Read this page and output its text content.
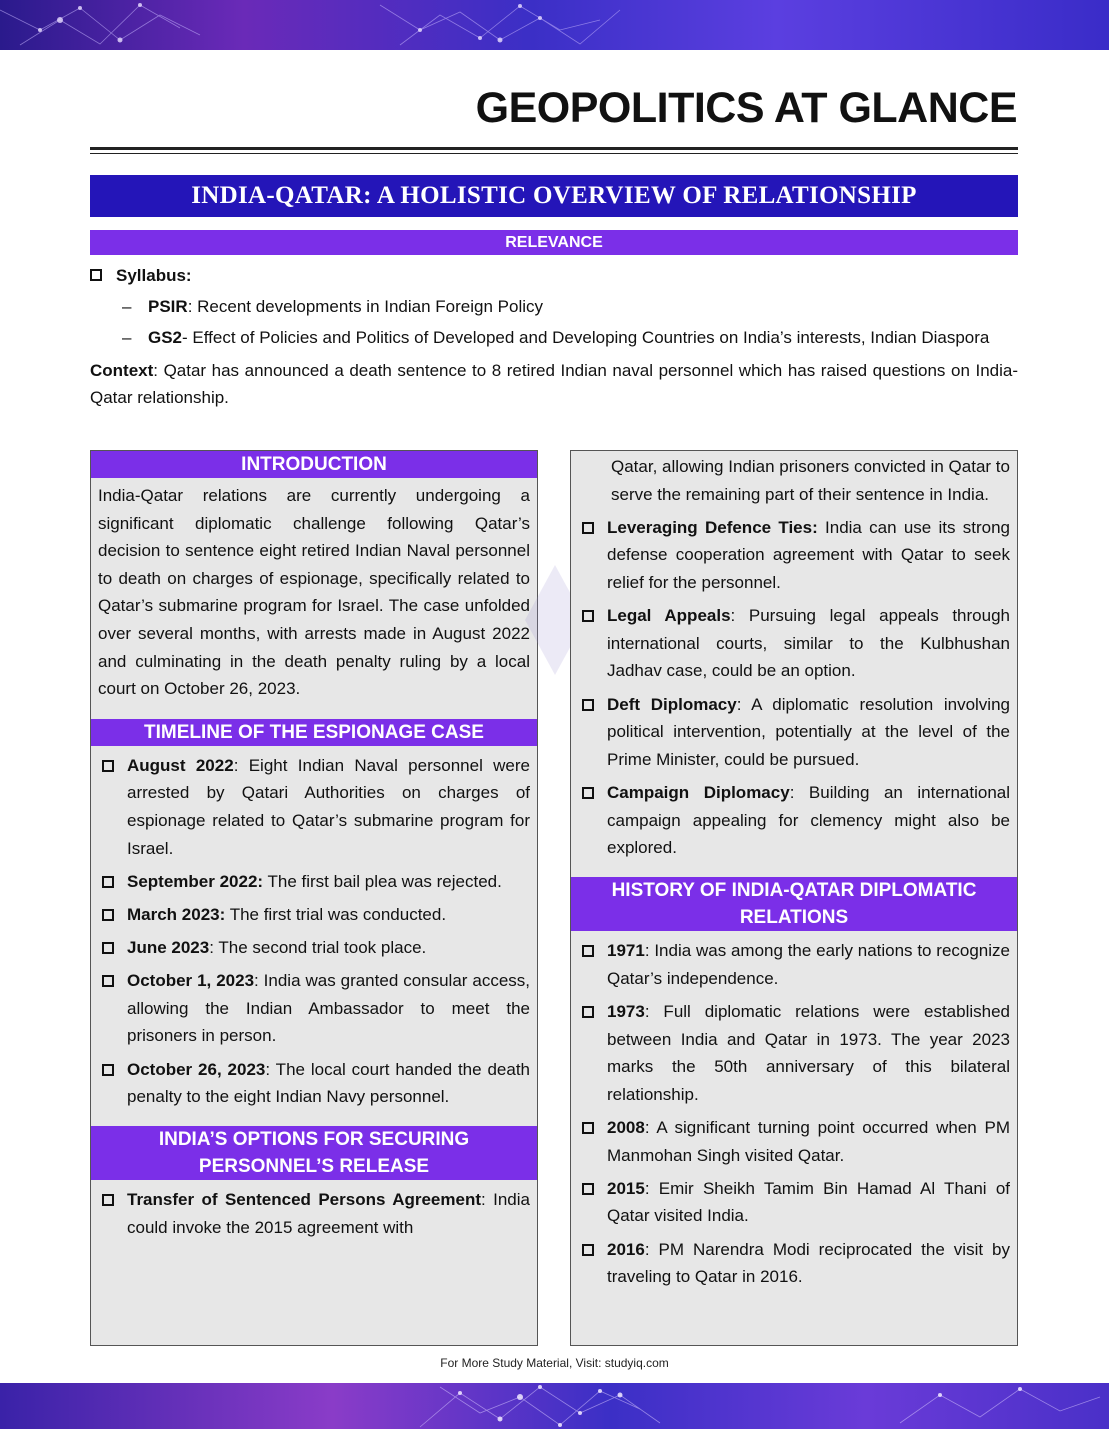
GEOPOLITICS AT GLANCE
INDIA-QATAR: A HOLISTIC OVERVIEW OF RELATIONSHIP
RELEVANCE
Syllabus:
– PSIR: Recent developments in Indian Foreign Policy
– GS2- Effect of Policies and Politics of Developed and Developing Countries on India’s interests, Indian Diaspora
Context: Qatar has announced a death sentence to 8 retired Indian naval personnel which has raised questions on India-Qatar relationship.
INTRODUCTION
India-Qatar relations are currently undergoing a significant diplomatic challenge following Qatar’s decision to sentence eight retired Indian Naval personnel to death on charges of espionage, specifically related to Qatar’s submarine program for Israel. The case unfolded over several months, with arrests made in August 2022 and culminating in the death penalty ruling by a local court on October 26, 2023.
TIMELINE OF THE ESPIONAGE CASE
August 2022: Eight Indian Naval personnel were arrested by Qatari Authorities on charges of espionage related to Qatar’s submarine program for Israel.
September 2022: The first bail plea was rejected.
March 2023: The first trial was conducted.
June 2023: The second trial took place.
October 1, 2023: India was granted consular access, allowing the Indian Ambassador to meet the prisoners in person.
October 26, 2023: The local court handed the death penalty to the eight Indian Navy personnel.
INDIA’S OPTIONS FOR SECURING PERSONNEL’S RELEASE
Transfer of Sentenced Persons Agreement: India could invoke the 2015 agreement with
Qatar, allowing Indian prisoners convicted in Qatar to serve the remaining part of their sentence in India.
Leveraging Defence Ties: India can use its strong defense cooperation agreement with Qatar to seek relief for the personnel.
Legal Appeals: Pursuing legal appeals through international courts, similar to the Kulbhushan Jadhav case, could be an option.
Deft Diplomacy: A diplomatic resolution involving political intervention, potentially at the level of the Prime Minister, could be pursued.
Campaign Diplomacy: Building an international campaign appealing for clemency might also be explored.
HISTORY OF INDIA-QATAR DIPLOMATIC RELATIONS
1971: India was among the early nations to recognize Qatar’s independence.
1973: Full diplomatic relations were established between India and Qatar in 1973. The year 2023 marks the 50th anniversary of this bilateral relationship.
2008: A significant turning point occurred when PM Manmohan Singh visited Qatar.
2015: Emir Sheikh Tamim Bin Hamad Al Thani of Qatar visited India.
2016: PM Narendra Modi reciprocated the visit by traveling to Qatar in 2016.
For More Study Material, Visit: studyiq.com
